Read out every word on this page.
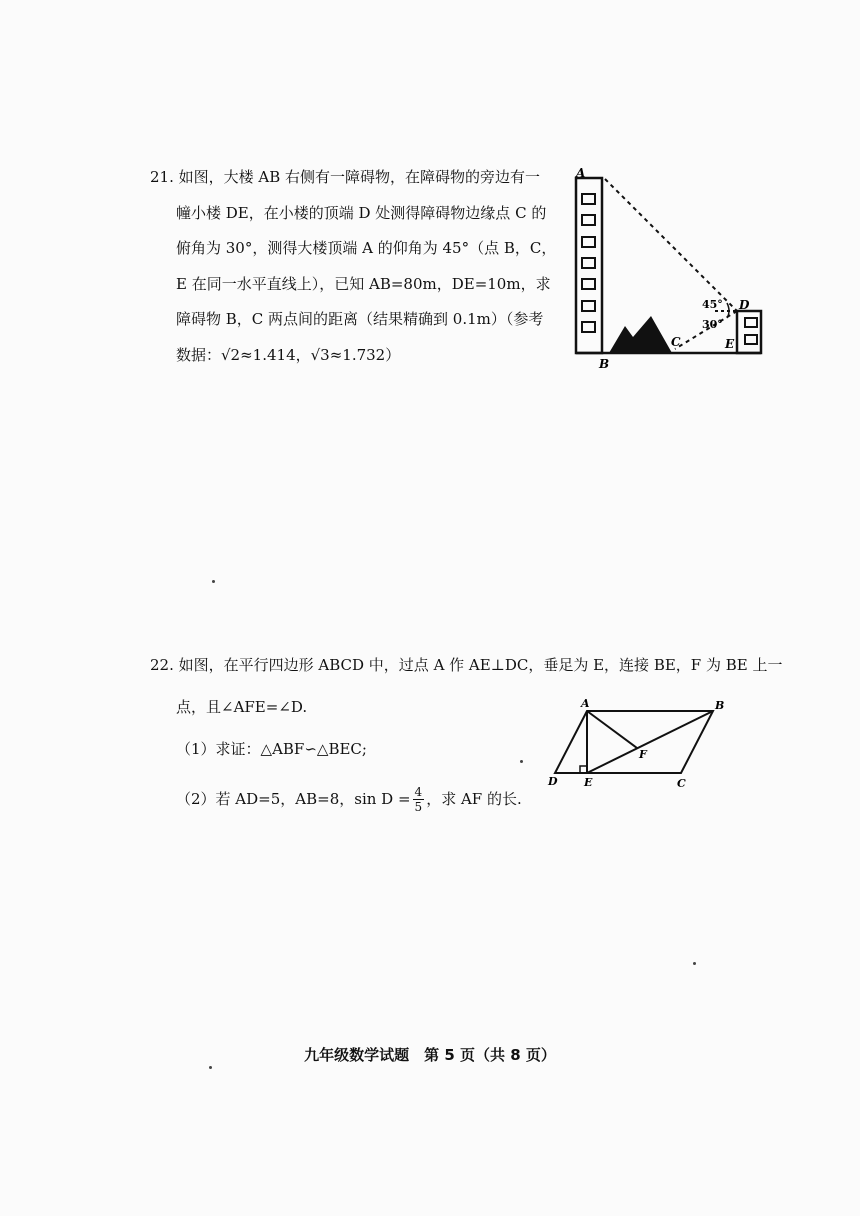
21. 如图，大楼 AB 右侧有一障碍物，在障碍物的旁边有一
幢小楼 DE，在小楼的顶端 D 处测得障碍物边缘点 C 的
俯角为 30°，测得大楼顶端 A 的仰角为 45°（点 B，C，
E 在同一水平直线上），已知 AB=80m，DE=10m，求
障碍物 B，C 两点间的距离（结果精确到 0.1m）（参考
数据：√2≈1.414，√3≈1.732）
A
B
C
D
E
45°
30°
22. 如图，在平行四边形 ABCD 中，过点 A 作 AE⊥DC，垂足为 E，连接 BE，F 为 BE 上一
点，且∠AFE=∠D.
（1）求证：△ABF∽△BEC;
（2）若 AD=5，AB=8，$\sin D = \frac{4}{5}$ ，求 AF 的长.
A	B
C
D E
F
九年级数学试题　第 5 页（共 8 页）
